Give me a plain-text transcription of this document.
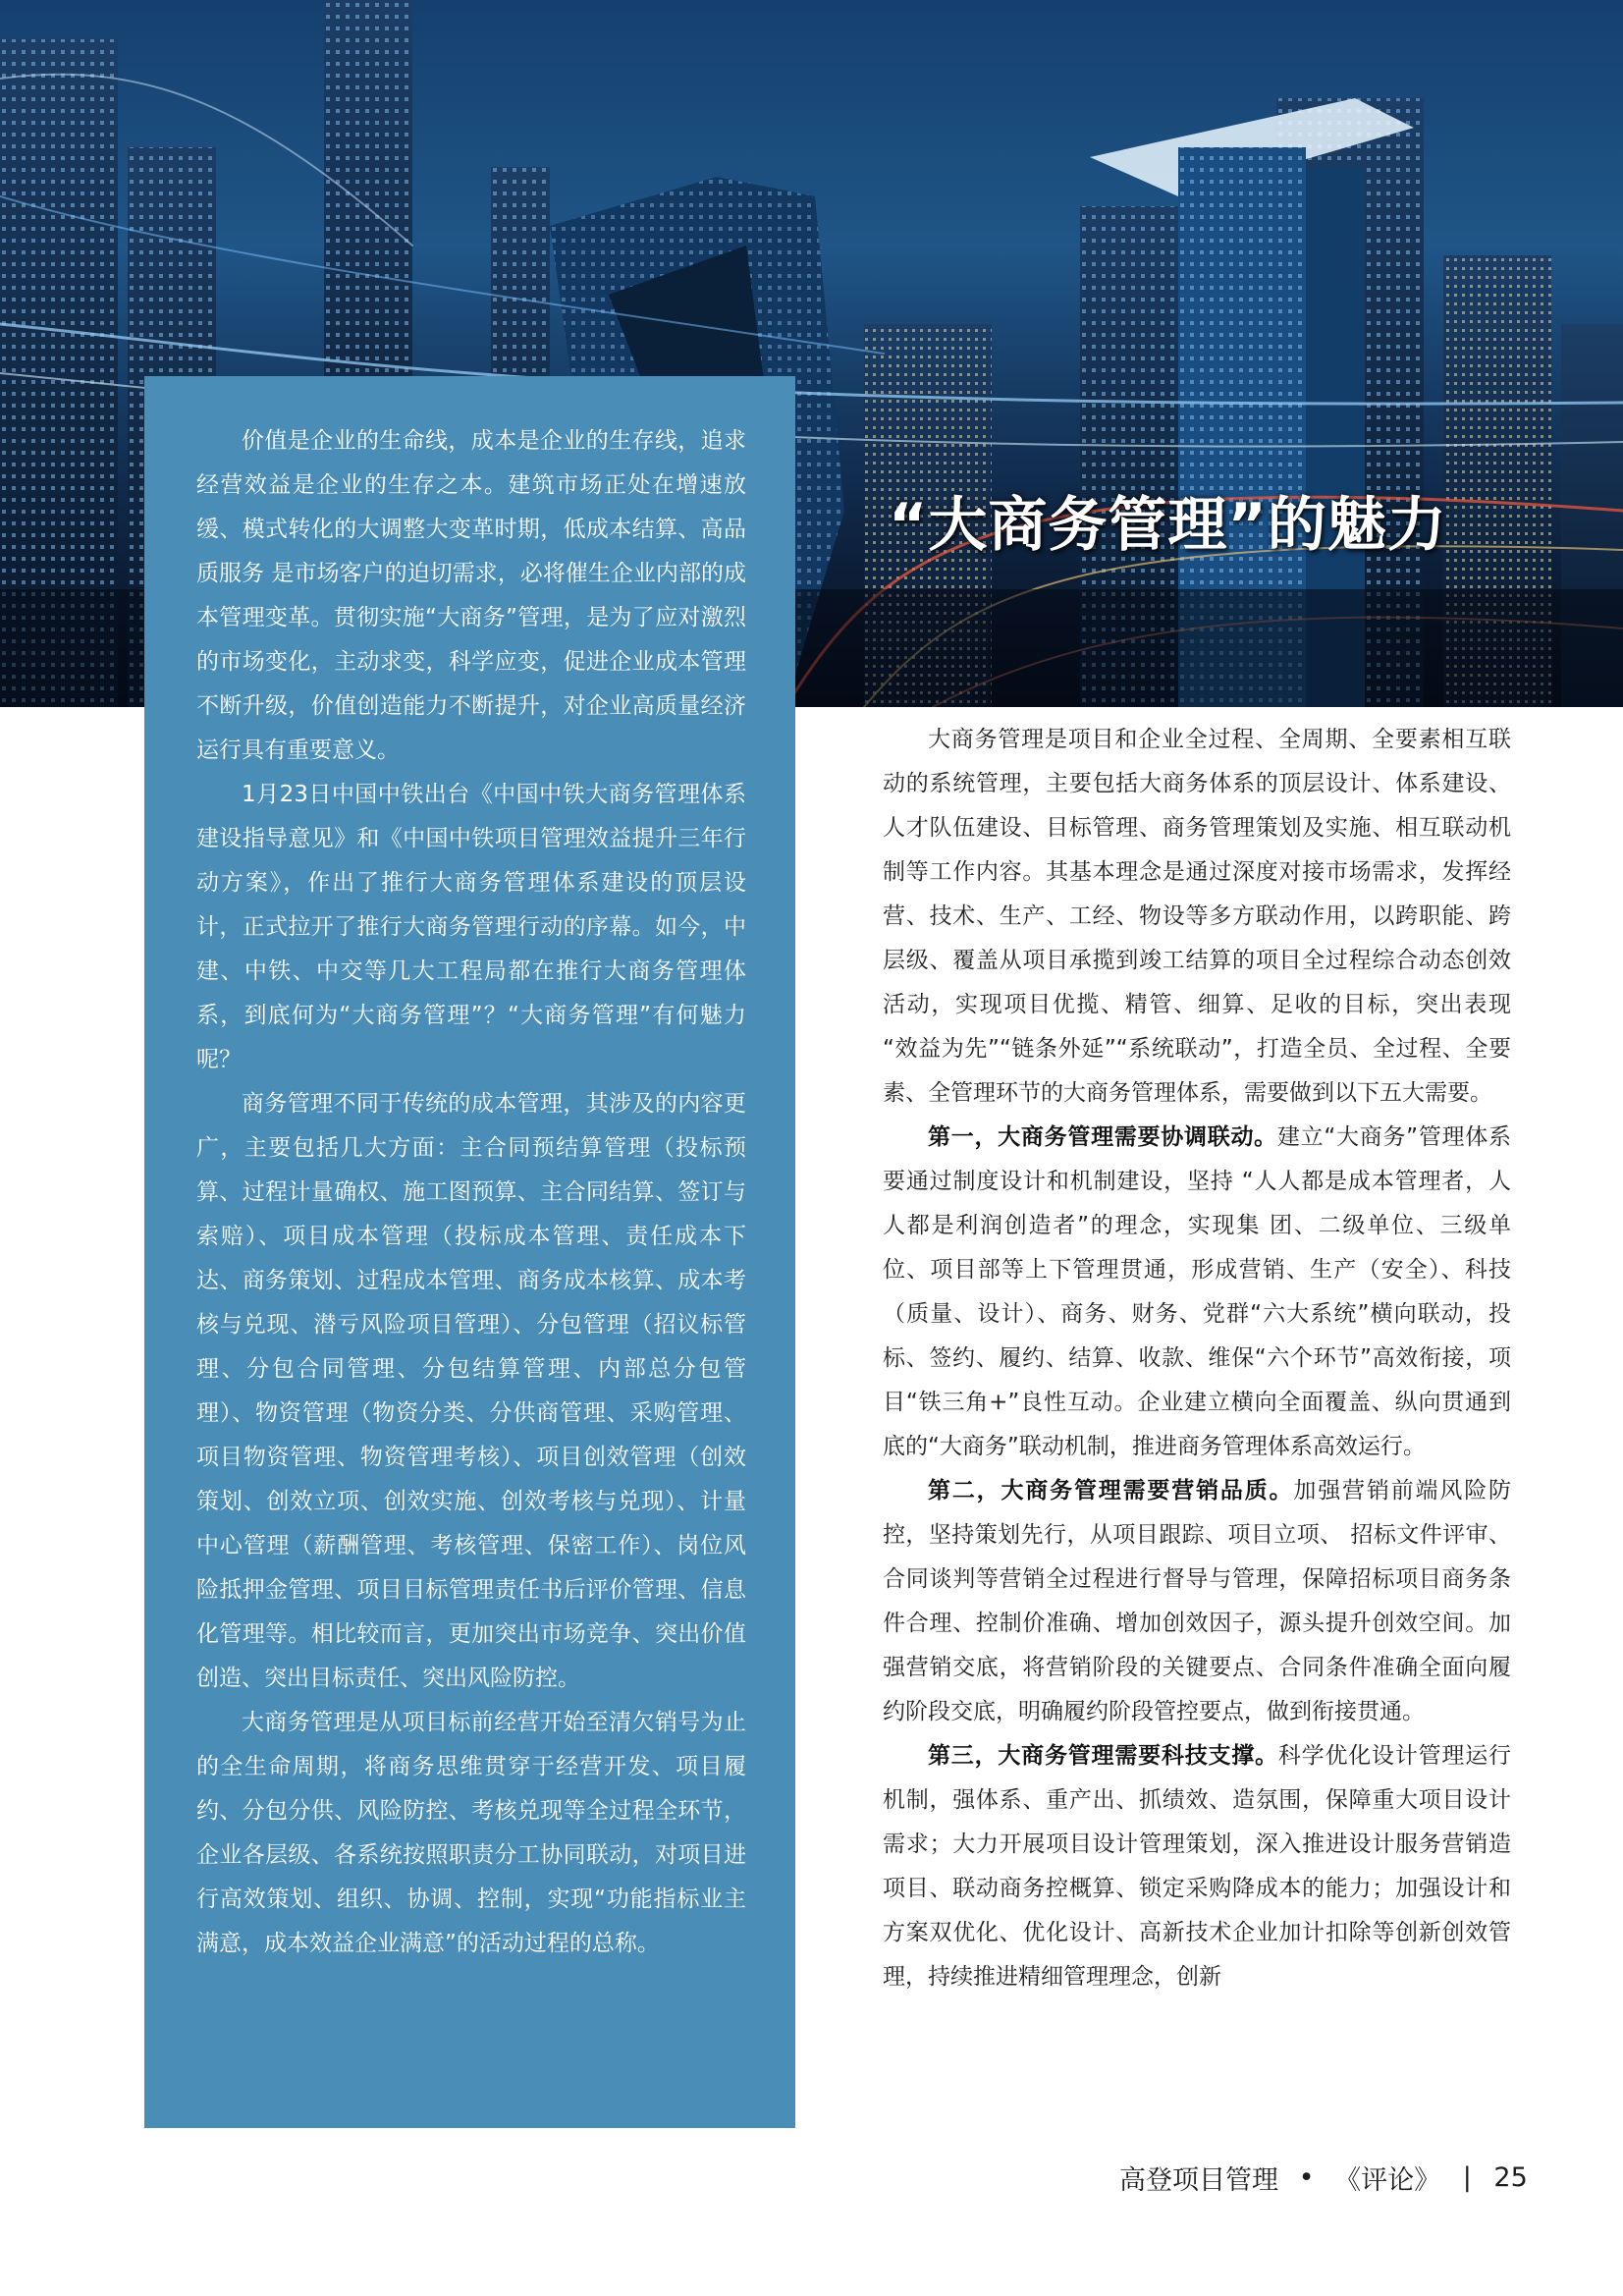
“大商务管理”的魅力

价值是企业的生命线，成本是企业的生存线，追求经营效益是企业的生存之本。建筑市场正处在增速放缓、模式转化的大调整大变革时期，低成本结算、高品质服务 是市场客户的迫切需求，必将催生企业内部的成本管理变革。贯彻实施“大商务”管理，是为了应对激烈的市场变化，主动求变，科学应变，促进企业成本管理不断升级，价值创造能力不断提升，对企业高质量经济运行具有重要意义。

1月23日中国中铁出台《中国中铁大商务管理体系建设指导意见》和《中国中铁项目管理效益提升三年行动方案》，作出了推行大商务管理体系建设的顶层设计，正式拉开了推行大商务管理行动的序幕。如今，中建、中铁、中交等几大工程局都在推行大商务管理体系，到底何为“大商务管理”？“大商务管理”有何魅力呢？

商务管理不同于传统的成本管理，其涉及的内容更广，主要包括几大方面：主合同预结算管理（投标预算、过程计量确权、施工图预算、主合同结算、签订与索赔）、项目成本管理（投标成本管理、责任成本下达、商务策划、过程成本管理、商务成本核算、成本考核与兑现、潜亏风险项目管理）、分包管理（招议标管理、分包合同管理、分包结算管理、内部总分包管理）、物资管理（物资分类、分供商管理、采购管理、项目物资管理、物资管理考核）、项目创效管理（创效策划、创效立项、创效实施、创效考核与兑现）、计量中心管理（薪酬管理、考核管理、保密工作）、岗位风险抵押金管理、项目目标管理责任书后评价管理、信息化管理等。相比较而言，更加突出市场竞争、突出价值创造、突出目标责任、突出风险防控。

大商务管理是从项目标前经营开始至清欠销号为止的全生命周期，将商务思维贯穿于经营开发、项目履约、分包分供、风险防控、考核兑现等全过程全环节，企业各层级、各系统按照职责分工协同联动，对项目进行高效策划、组织、协调、控制，实现“功能指标业主满意，成本效益企业满意”的活动过程的总称。

大商务管理是项目和企业全过程、全周期、全要素相互联动的系统管理，主要包括大商务体系的顶层设计、体系建设、人才队伍建设、目标管理、商务管理策划及实施、相互联动机制等工作内容。其基本理念是通过深度对接市场需求，发挥经营、技术、生产、工经、物设等多方联动作用，以跨职能、跨层级、覆盖从项目承揽到竣工结算的项目全过程综合动态创效活动，实现项目优揽、精管、细算、足收的目标，突出表现 “效益为先”“链条外延”“系统联动”，打造全员、全过程、全要素、全管理环节的大商务管理体系，需要做到以下五大需要。

第一，大商务管理需要协调联动。建立“大商务”管理体系要通过制度设计和机制建设，坚持 “人人都是成本管理者，人人都是利润创造者”的理念，实现集 团、二级单位、三级单位、项目部等上下管理贯通，形成营销、生产（安全）、科技（质量、设计）、商务、财务、党群“六大系统”横向联动，投标、签约、履约、结算、收款、维保“六个环节”高效衔接，项目“铁三角+”良性互动。企业建立横向全面覆盖、纵向贯通到底的“大商务”联动机制，推进商务管理体系高效运行。

第二，大商务管理需要营销品质。加强营销前端风险防控，坚持策划先行，从项目跟踪、项目立项、 招标文件评审、合同谈判等营销全过程进行督导与管理，保障招标项目商务条件合理、控制价准确、增加创效因子，源头提升创效空间。加强营销交底，将营销阶段的关键要点、合同条件准确全面向履约阶段交底，明确履约阶段管控要点，做到衔接贯通。

第三，大商务管理需要科技支撑。科学优化设计管理运行机制，强体系、重产出、抓绩效、造氛围，保障重大项目设计需求；大力开展项目设计管理策划，深入推进设计服务营销造项目、联动商务控概算、锁定采购降成本的能力；加强设计和方案双优化、优化设计、高新技术企业加计扣除等创新创效管理，持续推进精细管理理念，创新

高登项目管理 • 《评论》 | 25
